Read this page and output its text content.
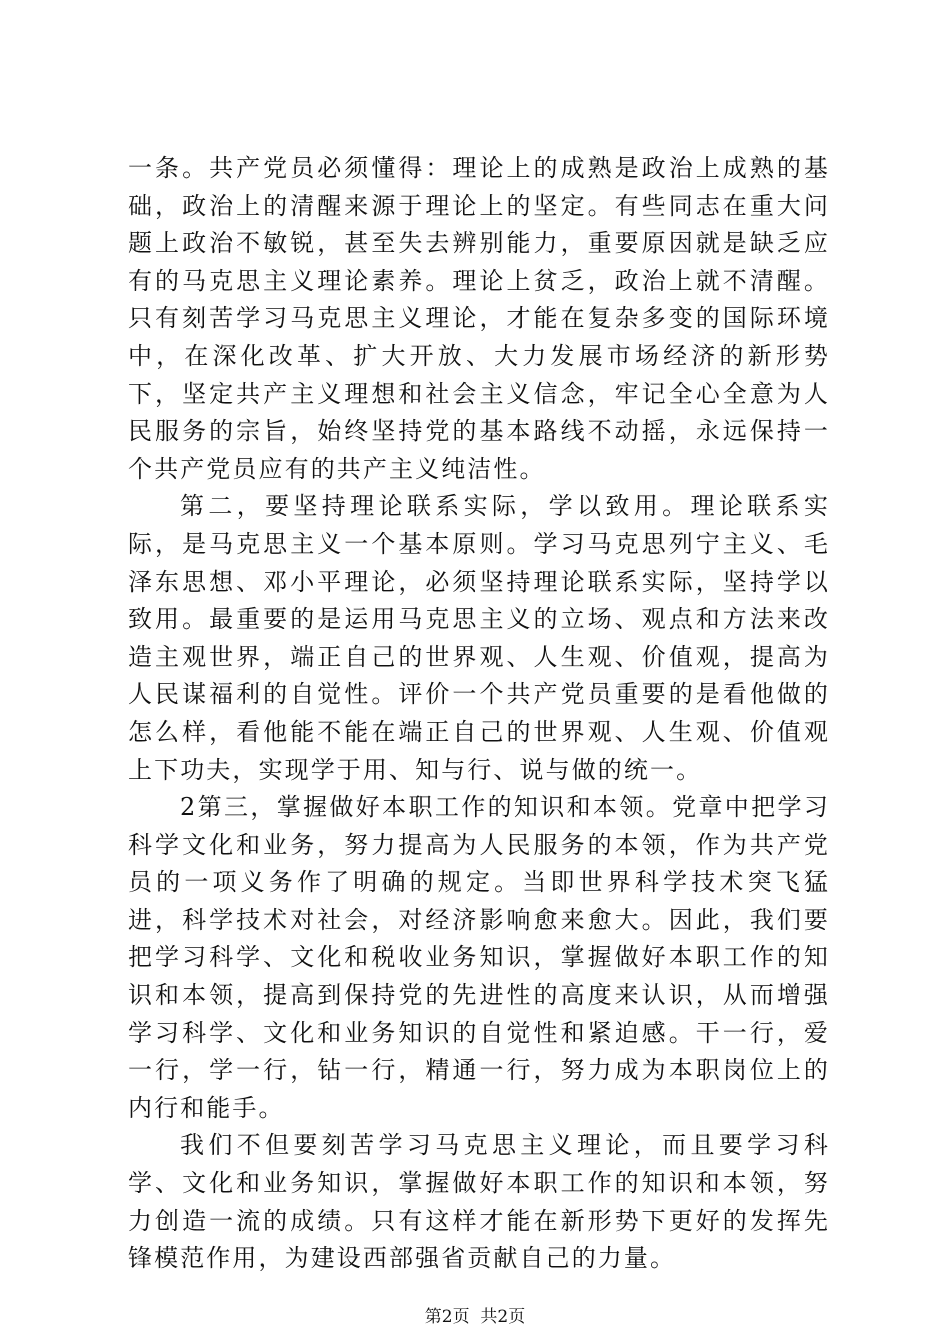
一条。共产党员必须懂得：理论上的成熟是政治上成熟的基础，政治上的清醒来源于理论上的坚定。有些同志在重大问题上政治不敏锐，甚至失去辨别能力，重要原因就是缺乏应有的马克思主义理论素养。理论上贫乏，政治上就不清醒。只有刻苦学习马克思主义理论，才能在复杂多变的国际环境中，在深化改革、扩大开放、大力发展市场经济的新形势下，坚定共产主义理想和社会主义信念，牢记全心全意为人民服务的宗旨，始终坚持党的基本路线不动摇，永远保持一个共产党员应有的共产主义纯洁性。

第二，要坚持理论联系实际，学以致用。理论联系实际，是马克思主义一个基本原则。学习马克思列宁主义、毛泽东思想、邓小平理论，必须坚持理论联系实际，坚持学以致用。最重要的是运用马克思主义的立场、观点和方法来改造主观世界，端正自己的世界观、人生观、价值观，提高为人民谋福利的自觉性。评价一个共产党员重要的是看他做的怎么样，看他能不能在端正自己的世界观、人生观、价值观上下功夫，实现学于用、知与行、说与做的统一。

2第三，掌握做好本职工作的知识和本领。党章中把学习科学文化和业务，努力提高为人民服务的本领，作为共产党员的一项义务作了明确的规定。当即世界科学技术突飞猛进，科学技术对社会，对经济影响愈来愈大。因此，我们要把学习科学、文化和税收业务知识，掌握做好本职工作的知识和本领，提高到保持党的先进性的高度来认识，从而增强学习科学、文化和业务知识的自觉性和紧迫感。干一行，爱一行，学一行，钻一行，精通一行，努力成为本职岗位上的内行和能手。

我们不但要刻苦学习马克思主义理论，而且要学习科学、文化和业务知识，掌握做好本职工作的知识和本领，努力创造一流的成绩。只有这样才能在新形势下更好的发挥先锋模范作用，为建设西部强省贡献自己的力量。

第2页  共2页
